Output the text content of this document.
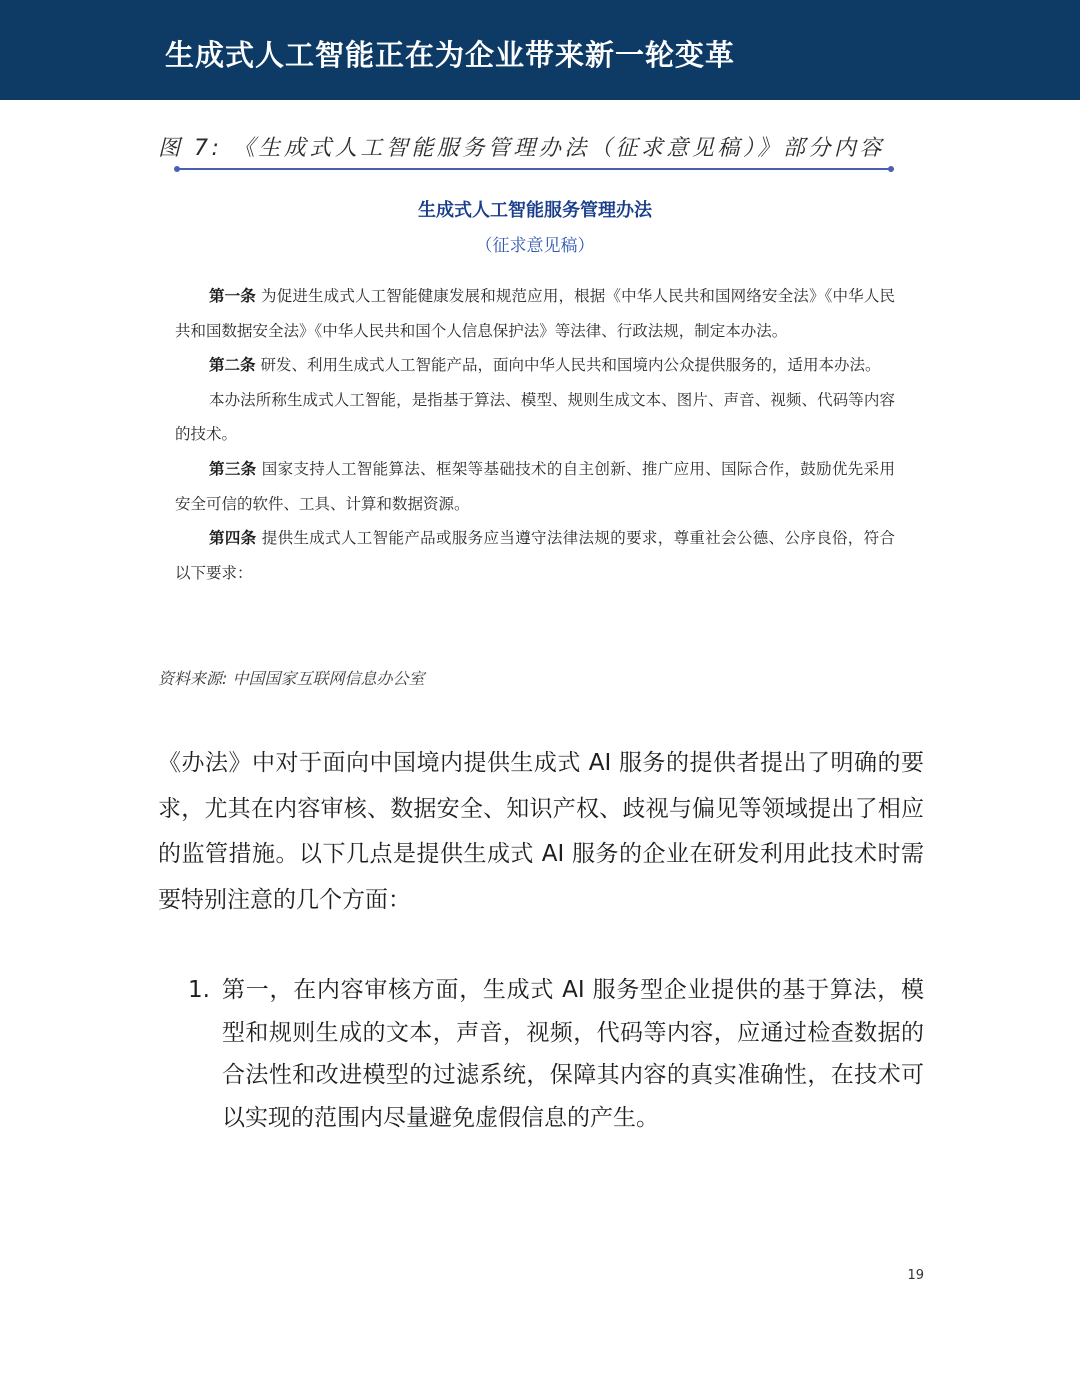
生成式人工智能正在为企业带来新一轮变革
图 7: 《生成式人工智能服务管理办法（征求意见稿）》部分内容
生成式人工智能服务管理办法
（征求意见稿）

第一条 为促进生成式人工智能健康发展和规范应用，根据《中华人民共和国网络安全法》《中华人民共和国数据安全法》《中华人民共和国个人信息保护法》等法律、行政法规，制定本办法。

第二条 研发、利用生成式人工智能产品，面向中华人民共和国境内公众提供服务的，适用本办法。

本办法所称生成式人工智能，是指基于算法、模型、规则生成文本、图片、声音、视频、代码等内容的技术。

第三条 国家支持人工智能算法、框架等基础技术的自主创新、推广应用、国际合作，鼓励优先采用安全可信的软件、工具、计算和数据资源。

第四条 提供生成式人工智能产品或服务应当遵守法律法规的要求，尊重社会公德、公序良俗，符合以下要求：

资料来源: 中国国家互联网信息办公室

《办法》中对于面向中国境内提供生成式 AI 服务的提供者提出了明确的要求，尤其在内容审核、数据安全、知识产权、歧视与偏见等领域提出了相应的监管措施。以下几点是提供生成式 AI 服务的企业在研发利用此技术时需要特别注意的几个方面：

1. 第一，在内容审核方面，生成式 AI 服务型企业提供的基于算法，模型和规则生成的文本，声音，视频，代码等内容，应通过检查数据的合法性和改进模型的过滤系统，保障其内容的真实准确性，在技术可以实现的范围内尽量避免虚假信息的产生。

19
